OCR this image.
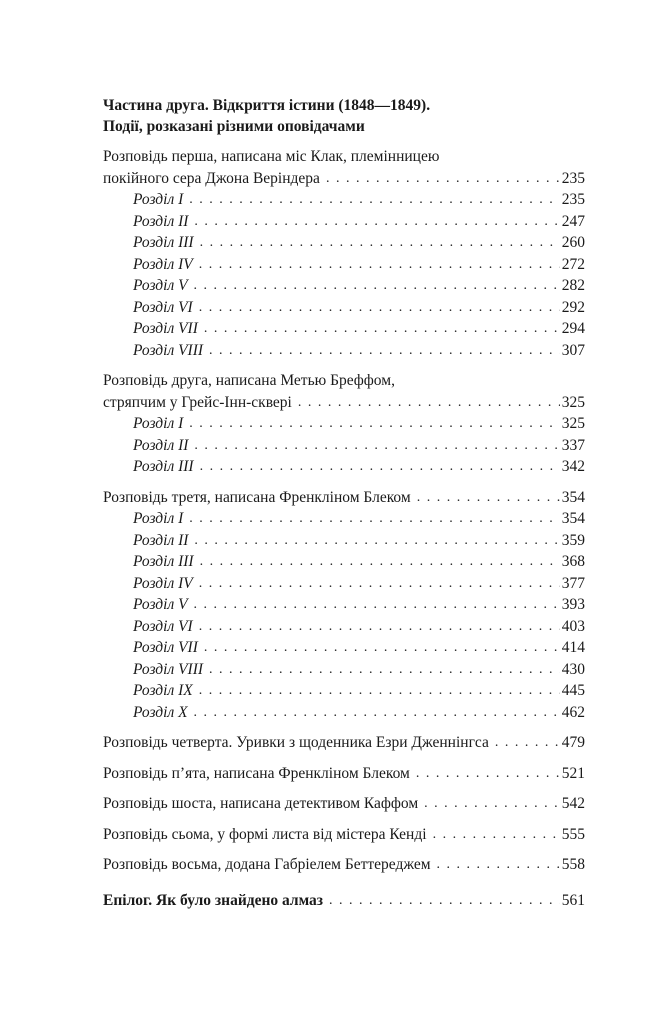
Частина друга. Відкриття істини (1848—1849).
Події, розказані різними оповідачами
Розповідь перша, написана міс Клак, племінницею
покійного сера Джона Веріндера . . .	235
Розділ I . . .	235
Розділ II . . .	247
Розділ III . . .	260
Розділ IV . . .	272
Розділ V . . .	282
Розділ VI . . .	292
Розділ VII . . .	294
Розділ VIII . . .	307
Розповідь друга, написана Метью Бреффом,
стряпчим у Грейс-Інн-сквері . . .	325
Розділ I . . .	325
Розділ II . . .	337
Розділ III . . .	342
Розповідь третя, написана Френкліном Блеком . . .	354
Розділ I . . .	354
Розділ II . . .	359
Розділ III . . .	368
Розділ IV . . .	377
Розділ V . . .	393
Розділ VI . . .	403
Розділ VII . . .	414
Розділ VIII . . .	430
Розділ IX . . .	445
Розділ X . . .	462
Розповідь четверта. Уривки з щоденника Езри Дженнінгса . . .	479
Розповідь п’ята, написана Френкліном Блеком . . .	521
Розповідь шоста, написана детективом Каффом . . .	542
Розповідь сьома, у формі листа від містера Кенді . . .	555
Розповідь восьма, додана Габріелем Беттереджем . . .	558
Епілог. Як було знайдено алмаз . . .	561
